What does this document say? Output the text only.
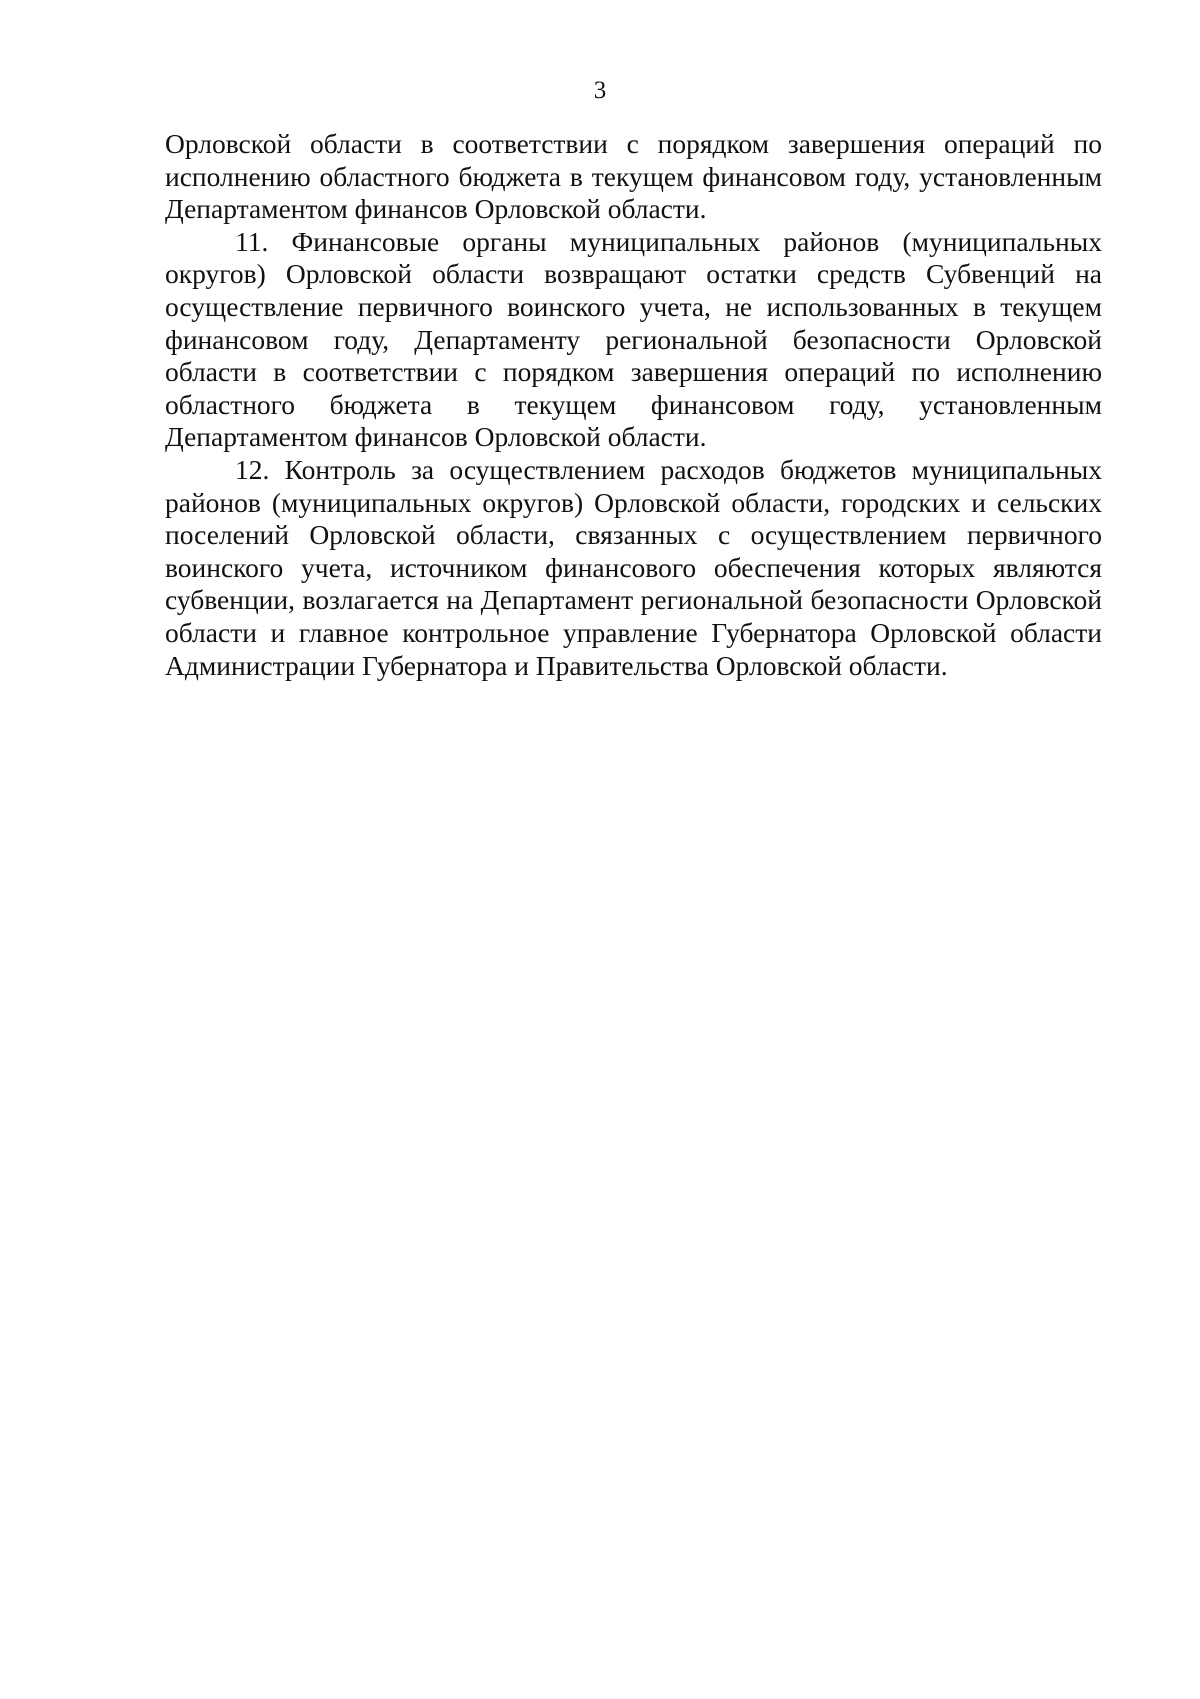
3

Орловской области в соответствии с порядком завершения операций по исполнению областного бюджета в текущем финансовом году, установленным Департаментом финансов Орловской области.

11. Финансовые органы муниципальных районов (муниципальных округов) Орловской области возвращают остатки средств Субвенций на осуществление первичного воинского учета, не использованных в текущем финансовом году, Департаменту региональной безопасности Орловской области в соответствии с порядком завершения операций по исполнению областного бюджета в текущем финансовом году, установленным Департаментом финансов Орловской области.

12. Контроль за осуществлением расходов бюджетов муниципальных районов (муниципальных округов) Орловской области, городских и сельских поселений Орловской области, связанных с осуществлением первичного воинского учета, источником финансового обеспечения которых являются субвенции, возлагается на Департамент региональной безопасности Орловской области и главное контрольное управление Губернатора Орловской области Администрации Губернатора и Правительства Орловской области.
